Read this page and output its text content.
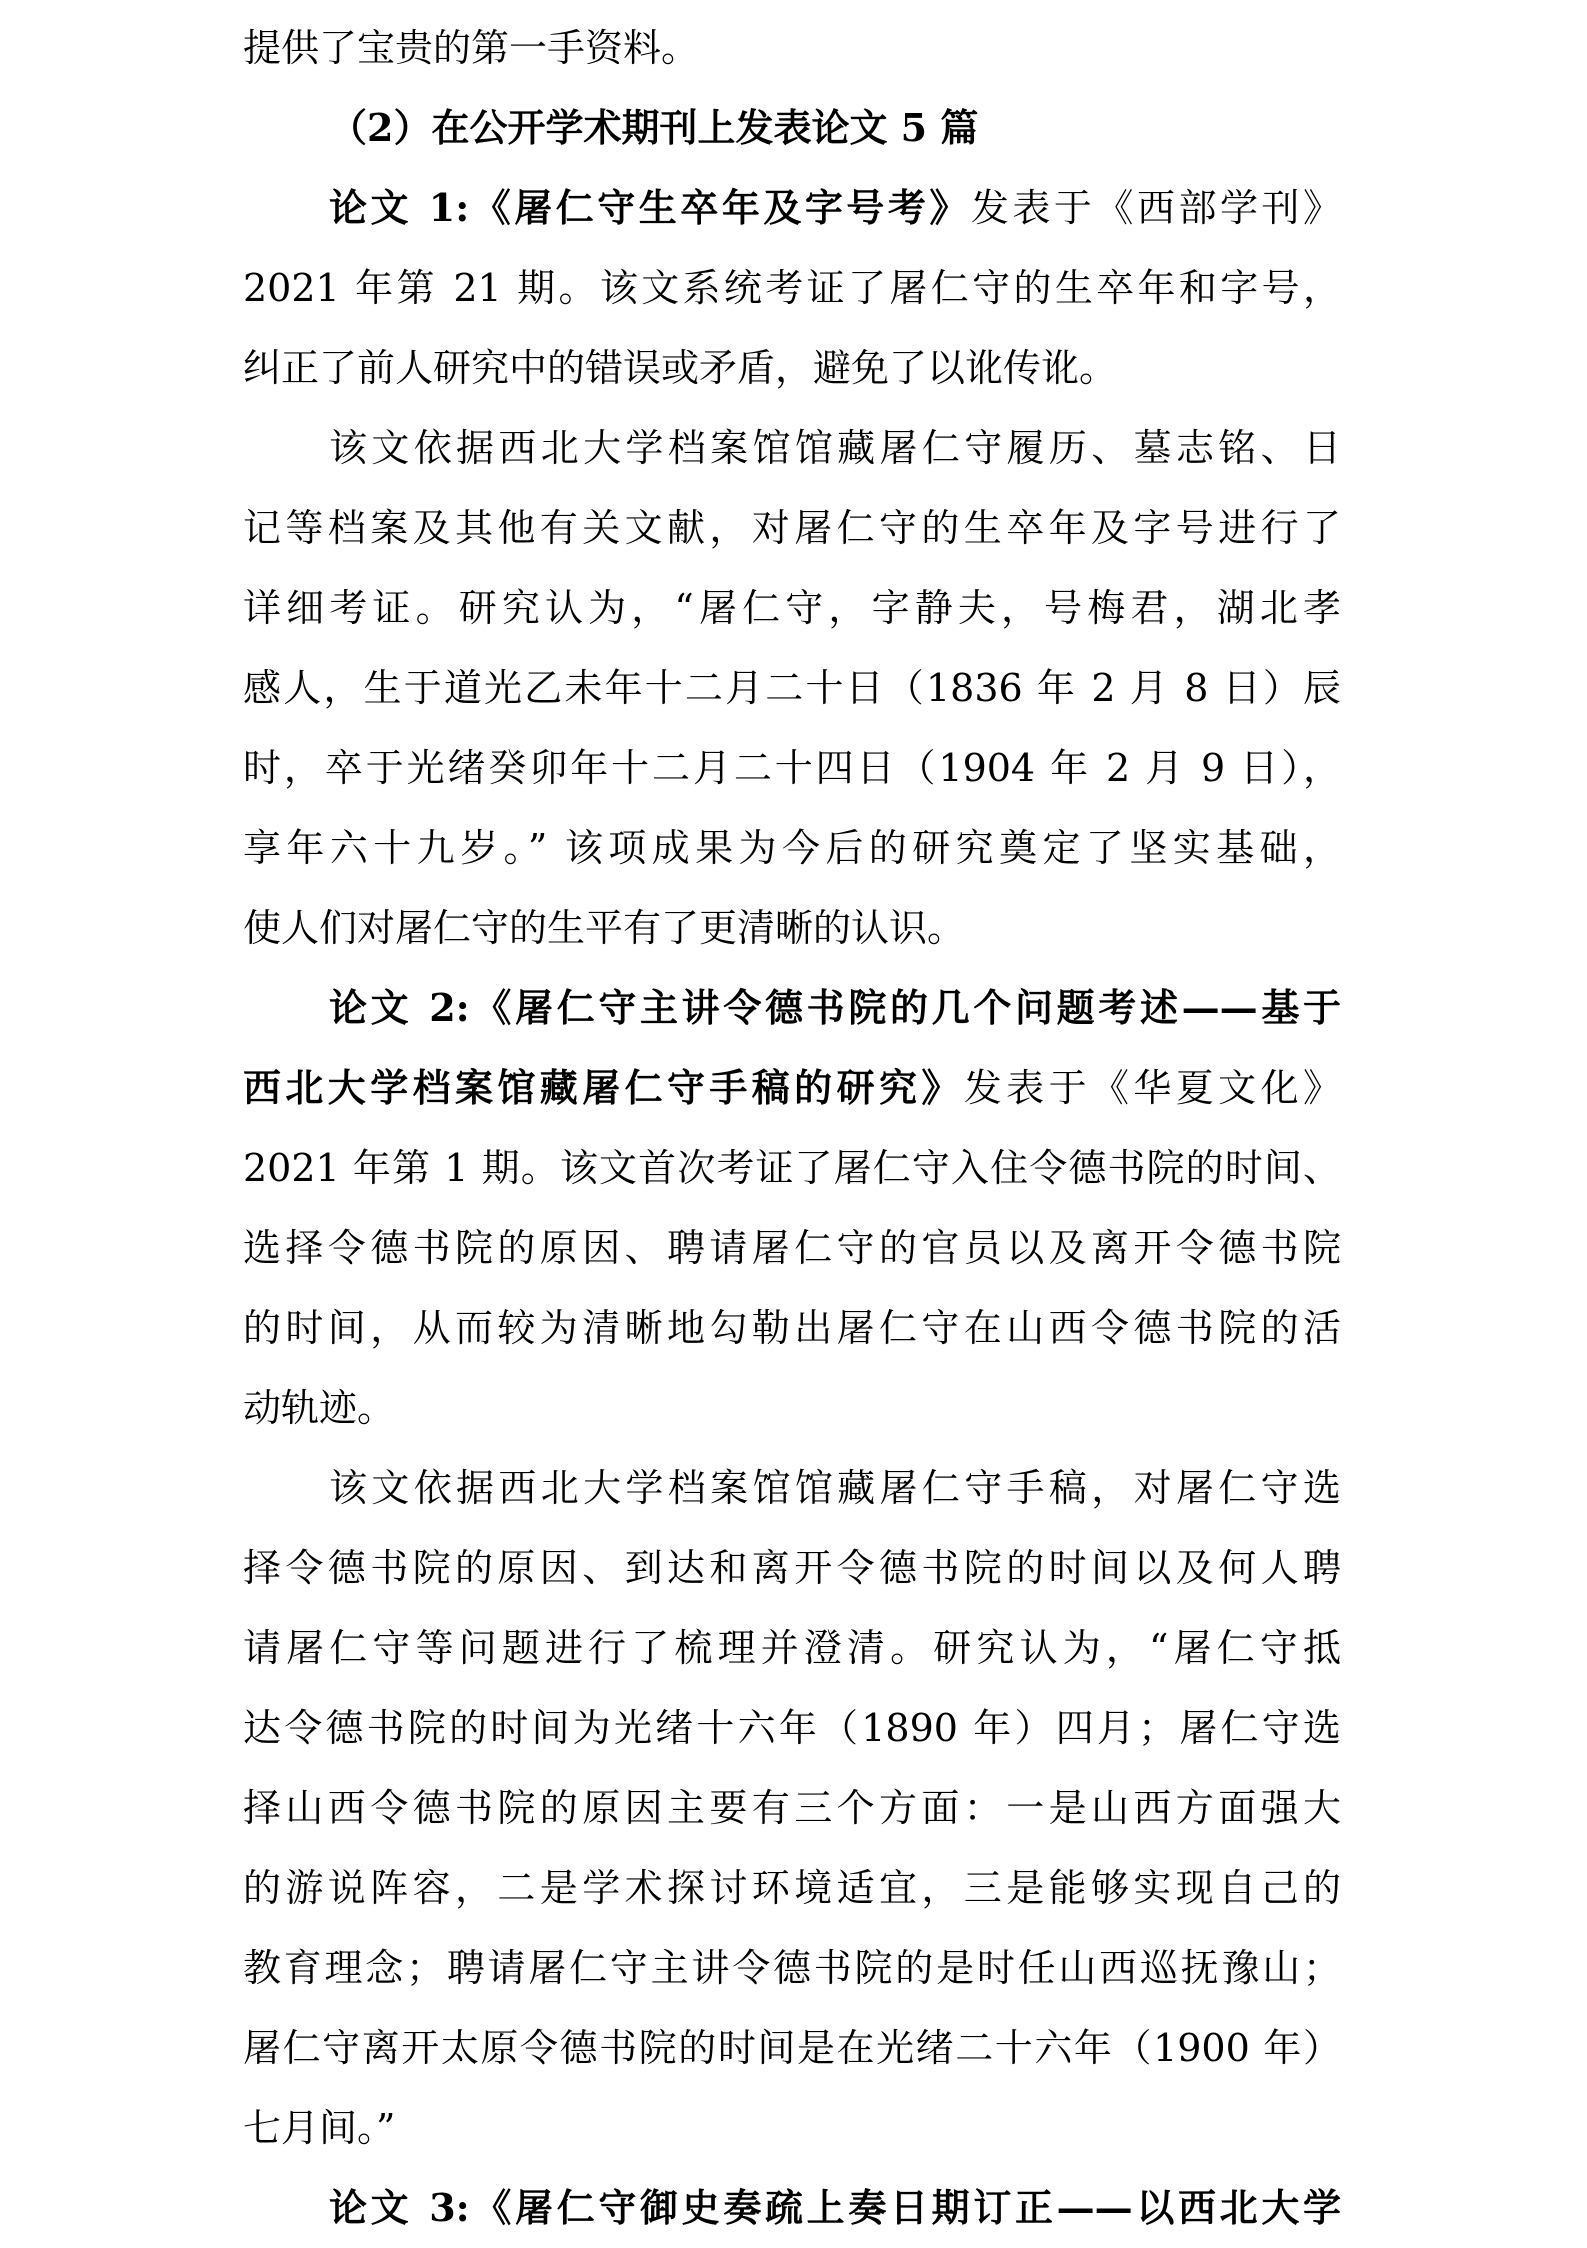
提供了宝贵的第一手资料。
（2）在公开学术期刊上发表论文 5 篇
论文 1:《屠仁守生卒年及字号考》发表于《西部学刊》
2021 年第 21 期。该文系统考证了屠仁守的生卒年和字号，
纠正了前人研究中的错误或矛盾，避免了以讹传讹。
该文依据西北大学档案馆馆藏屠仁守履历、墓志铭、日
记等档案及其他有关文献，对屠仁守的生卒年及字号进行了
详细考证。研究认为，“屠仁守，字静夫，号梅君，湖北孝
感人，生于道光乙未年十二月二十日（1836 年 2 月 8 日）辰
时，卒于光绪癸卯年十二月二十四日（1904 年 2 月 9 日），
享年六十九岁。” 该项成果为今后的研究奠定了坚实基础，
使人们对屠仁守的生平有了更清晰的认识。
论文 2:《屠仁守主讲令德书院的几个问题考述——基于
西北大学档案馆藏屠仁守手稿的研究》发表于《华夏文化》
2021 年第 1 期。该文首次考证了屠仁守入住令德书院的时间、
选择令德书院的原因、聘请屠仁守的官员以及离开令德书院
的时间，从而较为清晰地勾勒出屠仁守在山西令德书院的活
动轨迹。
该文依据西北大学档案馆馆藏屠仁守手稿，对屠仁守选
择令德书院的原因、到达和离开令德书院的时间以及何人聘
请屠仁守等问题进行了梳理并澄清。研究认为，“屠仁守抵
达令德书院的时间为光绪十六年（1890 年）四月；屠仁守选
择山西令德书院的原因主要有三个方面：一是山西方面强大
的游说阵容，二是学术探讨环境适宜，三是能够实现自己的
教育理念；聘请屠仁守主讲令德书院的是时任山西巡抚豫山；
屠仁守离开太原令德书院的时间是在光绪二十六年（1900 年）
七月间。”
论文 3:《屠仁守御史奏疏上奏日期订正——以西北大学
